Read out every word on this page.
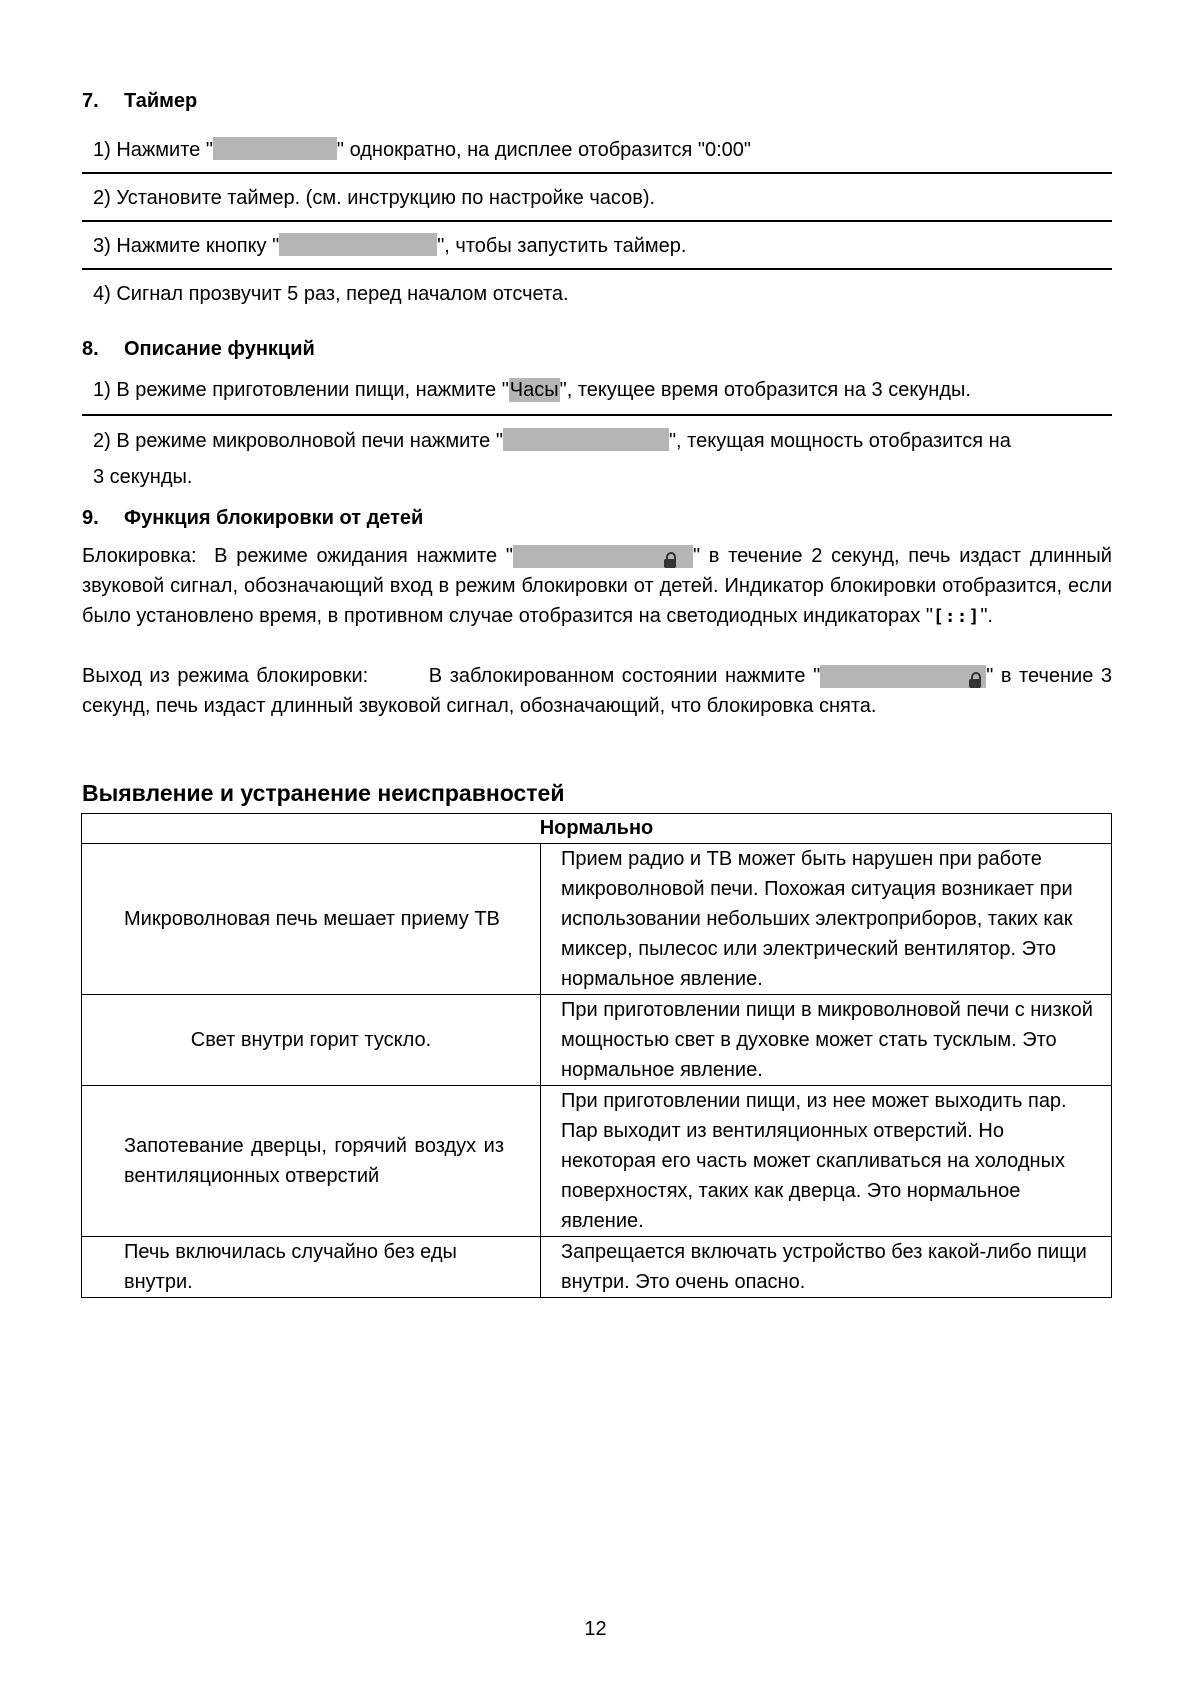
7. Таймер
1) Нажмите "	" однократно, на дисплее отобразится "0:00"
2) Установите таймер. (см. инструкцию по настройке часов).
3) Нажмите кнопку "	", чтобы запустить таймер.
4) Сигнал прозвучит 5 раз, перед началом отсчета.
8. Описание функций
1) В режиме приготовлении пищи, нажмите "Часы", текущее время отобразится на 3 секунды.
2) В режиме микроволновой печи нажмите "	", текущая мощность отобразится на
3 секунды.
9. Функция блокировки от детей
Блокировка: В режиме ожидания нажмите "	" в течение 2 секунд, печь издаст длинный звуковой сигнал, обозначающий вход в режим блокировки от детей. Индикатор блокировки отобразится, если было установлено время, в противном случае отобразится на светодиодных индикаторах "[::]".
Выход из режима блокировки:	В заблокированном состоянии нажмите "	" в течение 3 секунд, печь издаст длинный звуковой сигнал, обозначающий, что блокировка снята.
Выявление и устранение неисправностей
Нормально	
Микроволновая печь мешает приему ТВ	Прием радио и ТВ может быть нарушен при работе микроволновой печи. Похожая ситуация возникает при использовании небольших электроприборов, таких как миксер, пылесос или электрический вентилятор. Это нормальное явление.
Свет внутри горит тускло.	При приготовлении пищи в микроволновой печи с низкой мощностью свет в духовке может стать тусклым. Это нормальное явление.
Запотевание дверцы, горячий воздух из вентиляционных отверстий	При приготовлении пищи, из нее может выходить пар. Пар выходит из вентиляционных отверстий. Но некоторая его часть может скапливаться на холодных поверхностях, таких как дверца. Это нормальное явление.
Печь включилась случайно без еды внутри.	Запрещается включать устройство без какой-либо пищи внутри. Это очень опасно.
12
